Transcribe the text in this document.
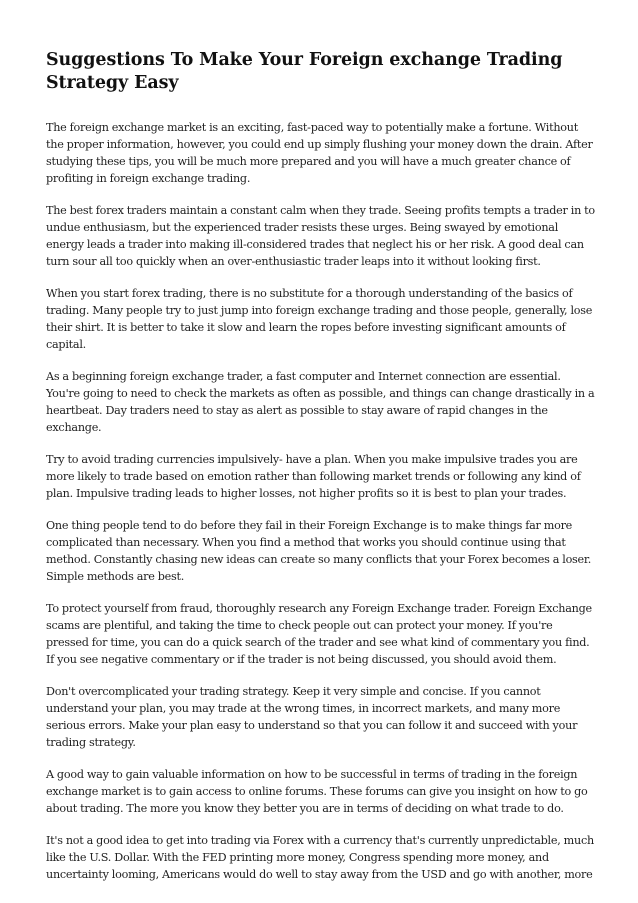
Suggestions To Make Your Foreign exchange Trading Strategy Easy

The foreign exchange market is an exciting, fast-paced way to potentially make a fortune. Without the proper information, however, you could end up simply flushing your money down the drain. After studying these tips, you will be much more prepared and you will have a much greater chance of profiting in foreign exchange trading.

The best forex traders maintain a constant calm when they trade. Seeing profits tempts a trader in to undue enthusiasm, but the experienced trader resists these urges. Being swayed by emotional energy leads a trader into making ill-considered trades that neglect his or her risk. A good deal can turn sour all too quickly when an over-enthusiastic trader leaps into it without looking first.

When you start forex trading, there is no substitute for a thorough understanding of the basics of trading. Many people try to just jump into foreign exchange trading and those people, generally, lose their shirt. It is better to take it slow and learn the ropes before investing significant amounts of capital.

As a beginning foreign exchange trader, a fast computer and Internet connection are essential. You're going to need to check the markets as often as possible, and things can change drastically in a heartbeat. Day traders need to stay as alert as possible to stay aware of rapid changes in the exchange.

Try to avoid trading currencies impulsively- have a plan. When you make impulsive trades you are more likely to trade based on emotion rather than following market trends or following any kind of plan. Impulsive trading leads to higher losses, not higher profits so it is best to plan your trades.

One thing people tend to do before they fail in their Foreign Exchange is to make things far more complicated than necessary. When you find a method that works you should continue using that method. Constantly chasing new ideas can create so many conflicts that your Forex becomes a loser. Simple methods are best.

To protect yourself from fraud, thoroughly research any Foreign Exchange trader. Foreign Exchange scams are plentiful, and taking the time to check people out can protect your money. If you're pressed for time, you can do a quick search of the trader and see what kind of commentary you find. If you see negative commentary or if the trader is not being discussed, you should avoid them.

Don't overcomplicated your trading strategy. Keep it very simple and concise. If you cannot understand your plan, you may trade at the wrong times, in incorrect markets, and many more serious errors. Make your plan easy to understand so that you can follow it and succeed with your trading strategy.

A good way to gain valuable information on how to be successful in terms of trading in the foreign exchange market is to gain access to online forums. These forums can give you insight on how to go about trading. The more you know they better you are in terms of deciding on what trade to do.

It's not a good idea to get into trading via Forex with a currency that's currently unpredictable, much like the U.S. Dollar. With the FED printing more money, Congress spending more money, and uncertainty looming, Americans would do well to stay away from the USD and go with another, more
